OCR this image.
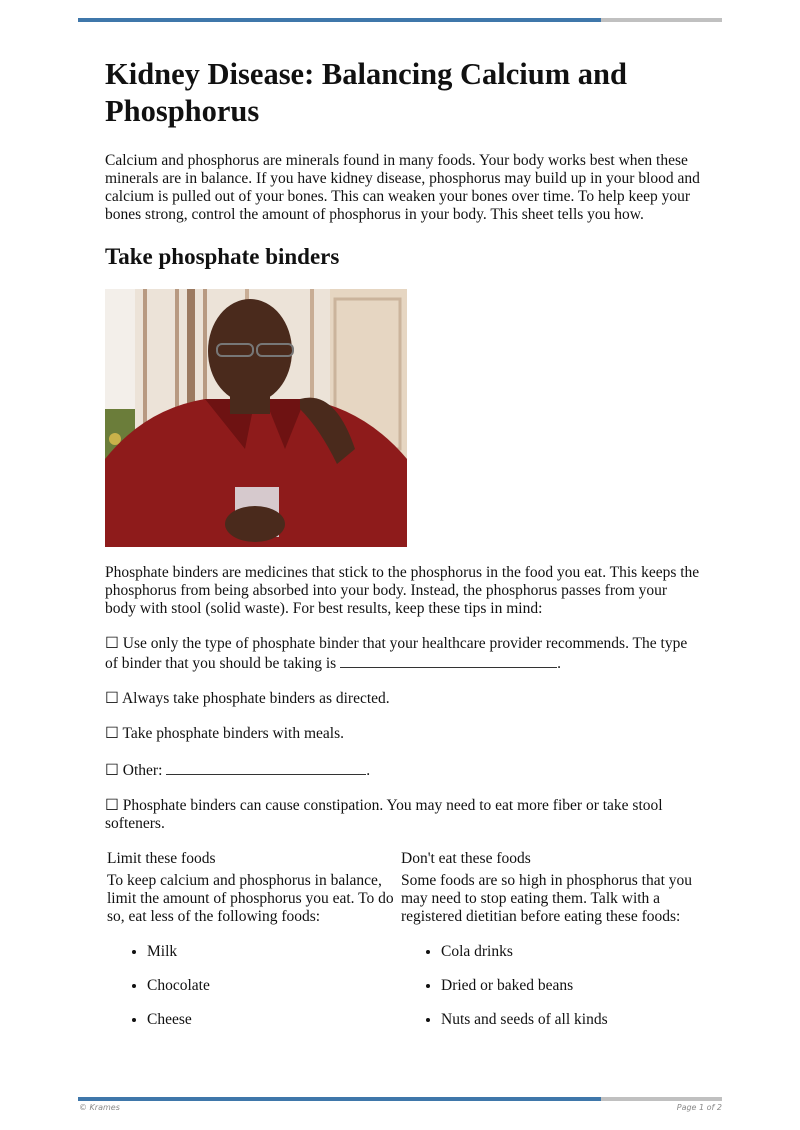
Kidney Disease: Balancing Calcium and Phosphorus

Calcium and phosphorus are minerals found in many foods. Your body works best when these minerals are in balance. If you have kidney disease, phosphorus may build up in your blood and calcium is pulled out of your bones. This can weaken your bones over time. To help keep your bones strong, control the amount of phosphorus in your body. This sheet tells you how.

Take phosphate binders

Phosphate binders are medicines that stick to the phosphorus in the food you eat. This keeps the phosphorus from being absorbed into your body. Instead, the phosphorus passes from your body with stool (solid waste). For best results, keep these tips in mind:

☐ Use only the type of phosphate binder that your healthcare provider recommends. The type of binder that you should be taking is	.

☐ Always take phosphate binders as directed.

☐ Take phosphate binders with meals.

☐ Other:	.

☐ Phosphate binders can cause constipation. You may need to eat more fiber or take stool softeners.

Limit these foods
To keep calcium and phosphorus in balance, limit the amount of phosphorus you eat. To do so, eat less of the following foods:
• Milk
• Chocolate
• Cheese
Don't eat these foods
Some foods are so high in phosphorus that you may need to stop eating them. Talk with a registered dietitian before eating these foods:
• Cola drinks
• Dried or baked beans
• Nuts and seeds of all kinds
© Krames	Page 1 of 2
